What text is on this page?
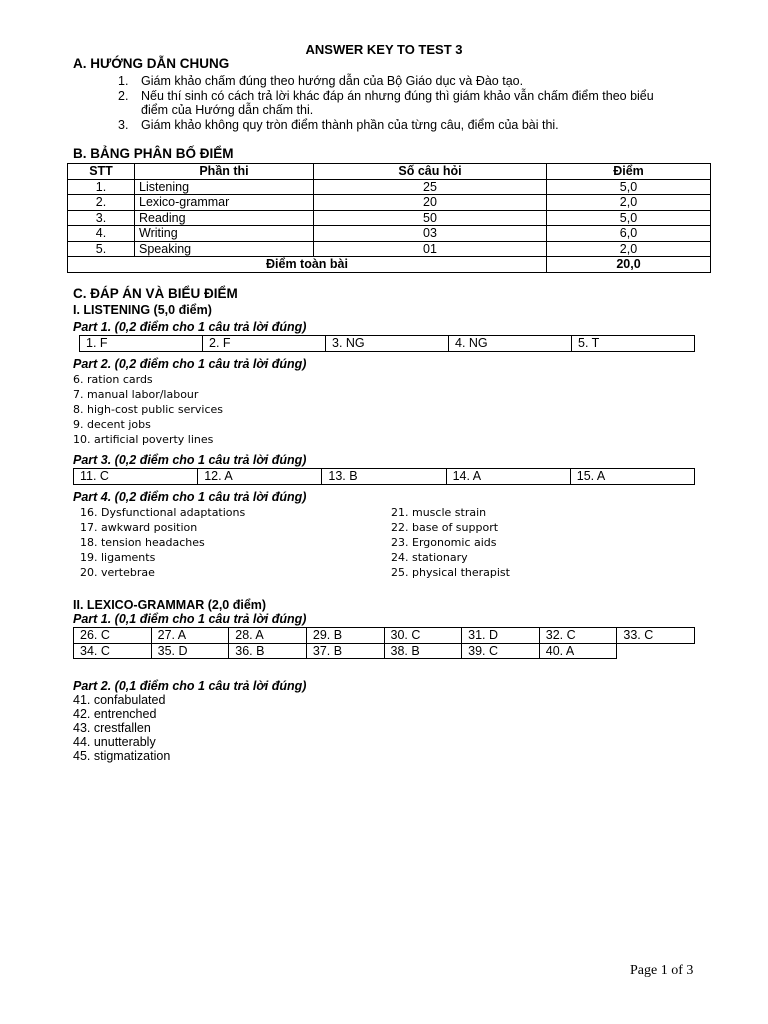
ANSWER KEY TO TEST 3
A. HƯỚNG DẪN CHUNG
1. Giám khảo chấm đúng theo hướng dẫn của Bộ Giáo dục và Đào tạo.
2. Nếu thí sinh có cách trả lời khác đáp án nhưng đúng thì giám khảo vẫn chấm điểm theo biểu điểm của Hướng dẫn chấm thi.
3. Giám khảo không quy tròn điểm thành phần của từng câu, điểm của bài thi.
B. BẢNG PHÂN BỐ ĐIỂM
STT	Phần thi	Số câu hỏi	Điểm
1.	Listening	25	5,0
2.	Lexico-grammar	20	2,0
3.	Reading	50	5,0
4.	Writing	03	6,0
5.	Speaking	01	2,0
Điểm toàn bài			20,0
C. ĐÁP ÁN VÀ BIỂU ĐIỂM
I. LISTENING (5,0 điểm)
Part 1. (0,2 điểm cho 1 câu trả lời đúng)
1. F	2. F	3. NG	4. NG	5. T
Part 2. (0,2 điểm cho 1 câu trả lời đúng)
6. ration cards
7. manual labor/labour
8. high-cost public services
9. decent jobs
10. artificial poverty lines
Part 3. (0,2 điểm cho 1 câu trả lời đúng)
11. C	12. A	13. B	14. A	15. A
Part 4. (0,2 điểm cho 1 câu trả lời đúng)
16. Dysfunctional adaptations
17. awkward position
18. tension headaches
19. ligaments
20. vertebrae
21. muscle strain
22. base of support
23. Ergonomic aids
24. stationary
25. physical therapist
II. LEXICO-GRAMMAR (2,0 điểm)
Part 1. (0,1 điểm cho 1 câu trả lời đúng)
26. C	27. A	28. A	29. B	30. C	31. D	32. C	33. C
34. C	35. D	36. B	37. B	38. B	39. C	40. A	
Part 2. (0,1 điểm cho 1 câu trả lời đúng)
41. confabulated
42. entrenched
43. crestfallen
44. unutterably
45. stigmatization
Page 1 of 3
